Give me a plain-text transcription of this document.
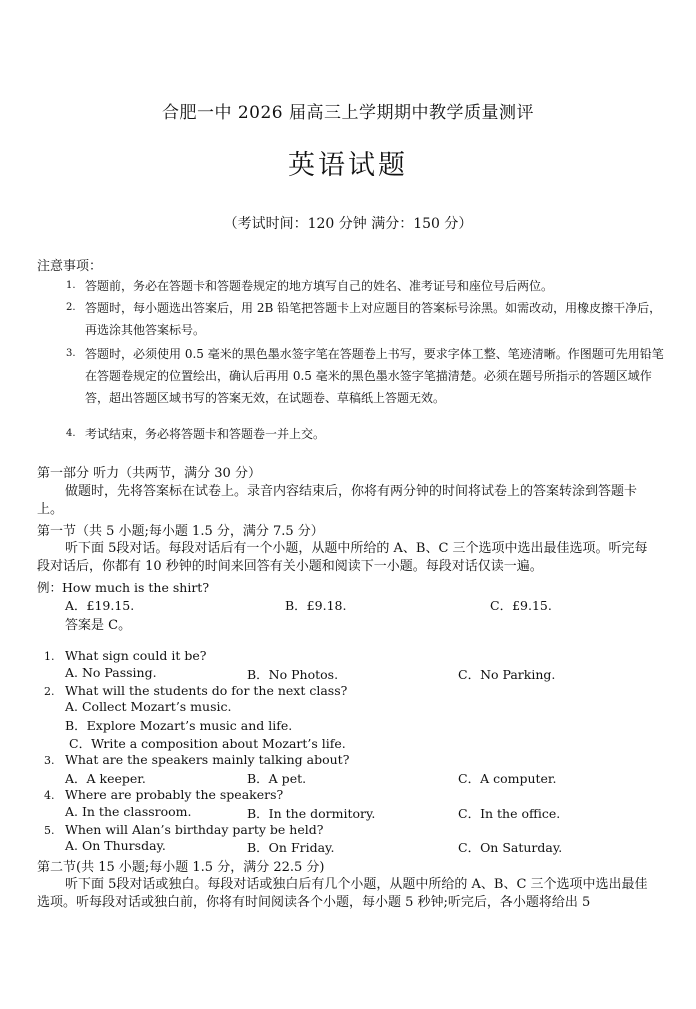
合肥一中 2026 届高三上学期期中教学质量测评
英语试题
（考试时间：120 分钟 满分：150 分）
注意事项：
1. 答题前，务必在答题卡和答题卷规定的地方填写自己的姓名、准考证号和座位号后两位。
2. 答题时，每小题选出答案后，用 2B 铅笔把答题卡上对应题目的答案标号涂黑。如需改动，用橡皮擦干净后，再选涂其他答案标号。
3. 答题时，必须使用 0.5 毫米的黑色墨水签字笔在答题卷上书写，要求字体工整、笔迹清晰。作图题可先用铅笔在答题卷规定的位置绘出，确认后再用 0.5 毫米的黑色墨水签字笔描清楚。必须在题号所指示的答题区域作答，超出答题区域书写的答案无效，在试题卷、草稿纸上答题无效。
4. 考试结束，务必将答题卡和答题卷一并上交。
第一部分 听力（共两节，满分 30 分）
做题时，先将答案标在试卷上。录音内容结束后，你将有两分钟的时间将试卷上的答案转涂到答题卡上。
第一节（共 5 小题;每小题 1.5 分，满分 7.5 分）
听下面 5段对话。每段对话后有一个小题，从题中所给的 A、B、C 三个选项中选出最佳选项。听完每段对话后，你都有 10 秒钟的时间来回答有关小题和阅读下一小题。每段对话仅读一遍。
例：How much is the shirt?
A．£19.15.	B．£9.18.	C．£9.15.
答案是 C。
1. What sign could it be?
A. No Passing.	B．No Photos.	C．No Parking.
2. What will the students do for the next class?
A. Collect Mozart’s music.
B．Explore Mozart’s music and life.
C．Write a composition about Mozart’s life.
3. What are the speakers mainly talking about?
A．A keeper.	B．A pet.	C．A computer.
4. Where are probably the speakers?
A. In the classroom.	B．In the dormitory.	C．In the office.
5. When will Alan’s birthday party be held?
A. On Thursday.	B．On Friday.	C．On Saturday.
第二节(共 15 小题;每小题 1.5 分，满分 22.5 分)
听下面 5段对话或独白。每段对话或独白后有几个小题，从题中所给的 A、B、C 三个选项中选出最佳选项。听每段对话或独白前，你将有时间阅读各个小题，每小题 5 秒钟;听完后，各小题将给出 5
